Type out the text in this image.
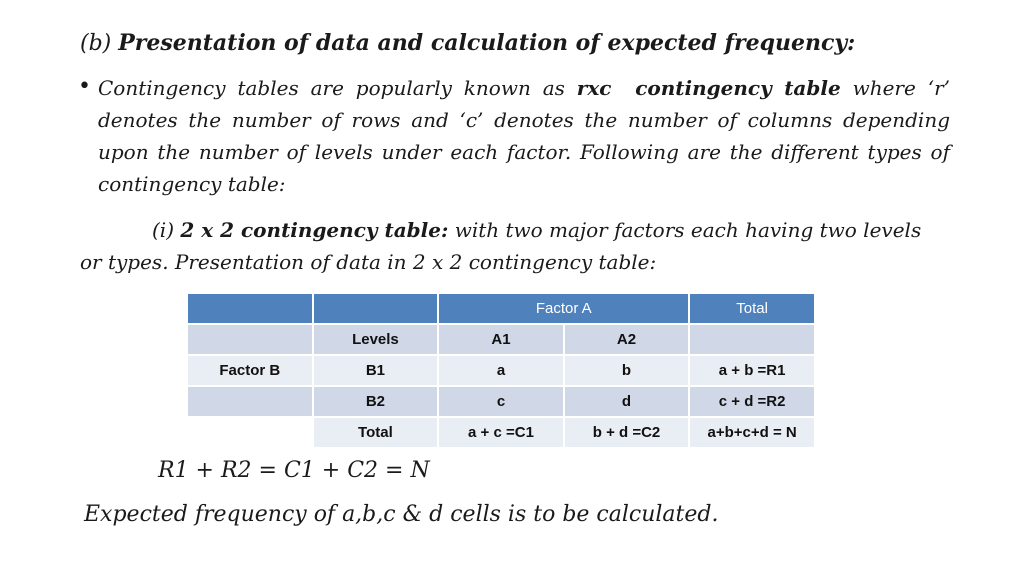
(b) Presentation of data and calculation of expected frequency:
• Contingency tables are popularly known as rxc contingency table where ‘r’ denotes the number of rows and ‘c’ denotes the number of columns depending upon the number of levels under each factor. Following are the different types of contingency table:
(i) 2 x 2 contingency table: with two major factors each having two levels or types. Presentation of data in 2 x 2 contingency table:
		Factor A		Total
	Levels	A1	A2	
Factor B	B1	a	b	a + b =R1
	B2	c	d	c + d =R2
	Total	a + c =C1	b + d =C2	a+b+c+d = N
R1 + R2 = C1 + C2 = N
Expected frequency of a,b,c & d cells is to be calculated.
